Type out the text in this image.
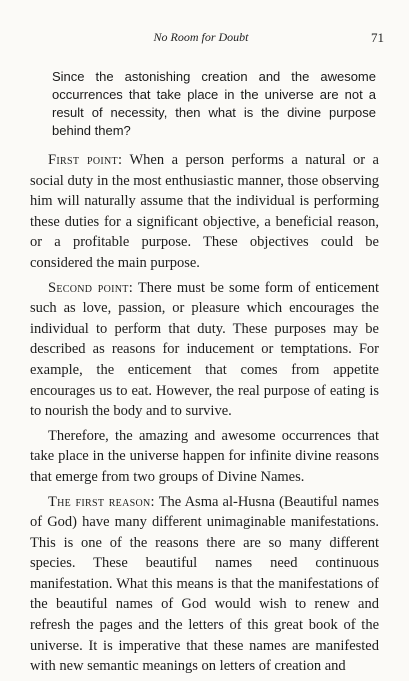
No Room for Doubt	71
Since the astonishing creation and the awesome occurrences that take place in the universe are not a result of necessity, then what is the divine purpose behind them?

First point: When a person performs a natural or a social duty in the most enthusiastic manner, those observing him will naturally assume that the individual is performing these duties for a significant objective, a beneficial reason, or a profitable purpose. These objectives could be considered the main purpose.

Second point: There must be some form of enticement such as love, passion, or pleasure which encourages the individual to perform that duty. These purposes may be described as reasons for inducement or temptations. For example, the enticement that comes from appetite encourages us to eat. However, the real purpose of eating is to nourish the body and to survive.

Therefore, the amazing and awesome occurrences that take place in the universe happen for infinite divine reasons that emerge from two groups of Divine Names.

The first reason: The Asma al-Husna (Beautiful names of God) have many different unimaginable manifestations. This is one of the reasons there are so many different species. These beautiful names need continuous manifestation. What this means is that the manifestations of the beautiful names of God would wish to renew and refresh the pages and the letters of this great book of the universe. It is imperative that these names are manifested with new semantic meanings on letters of creation and
